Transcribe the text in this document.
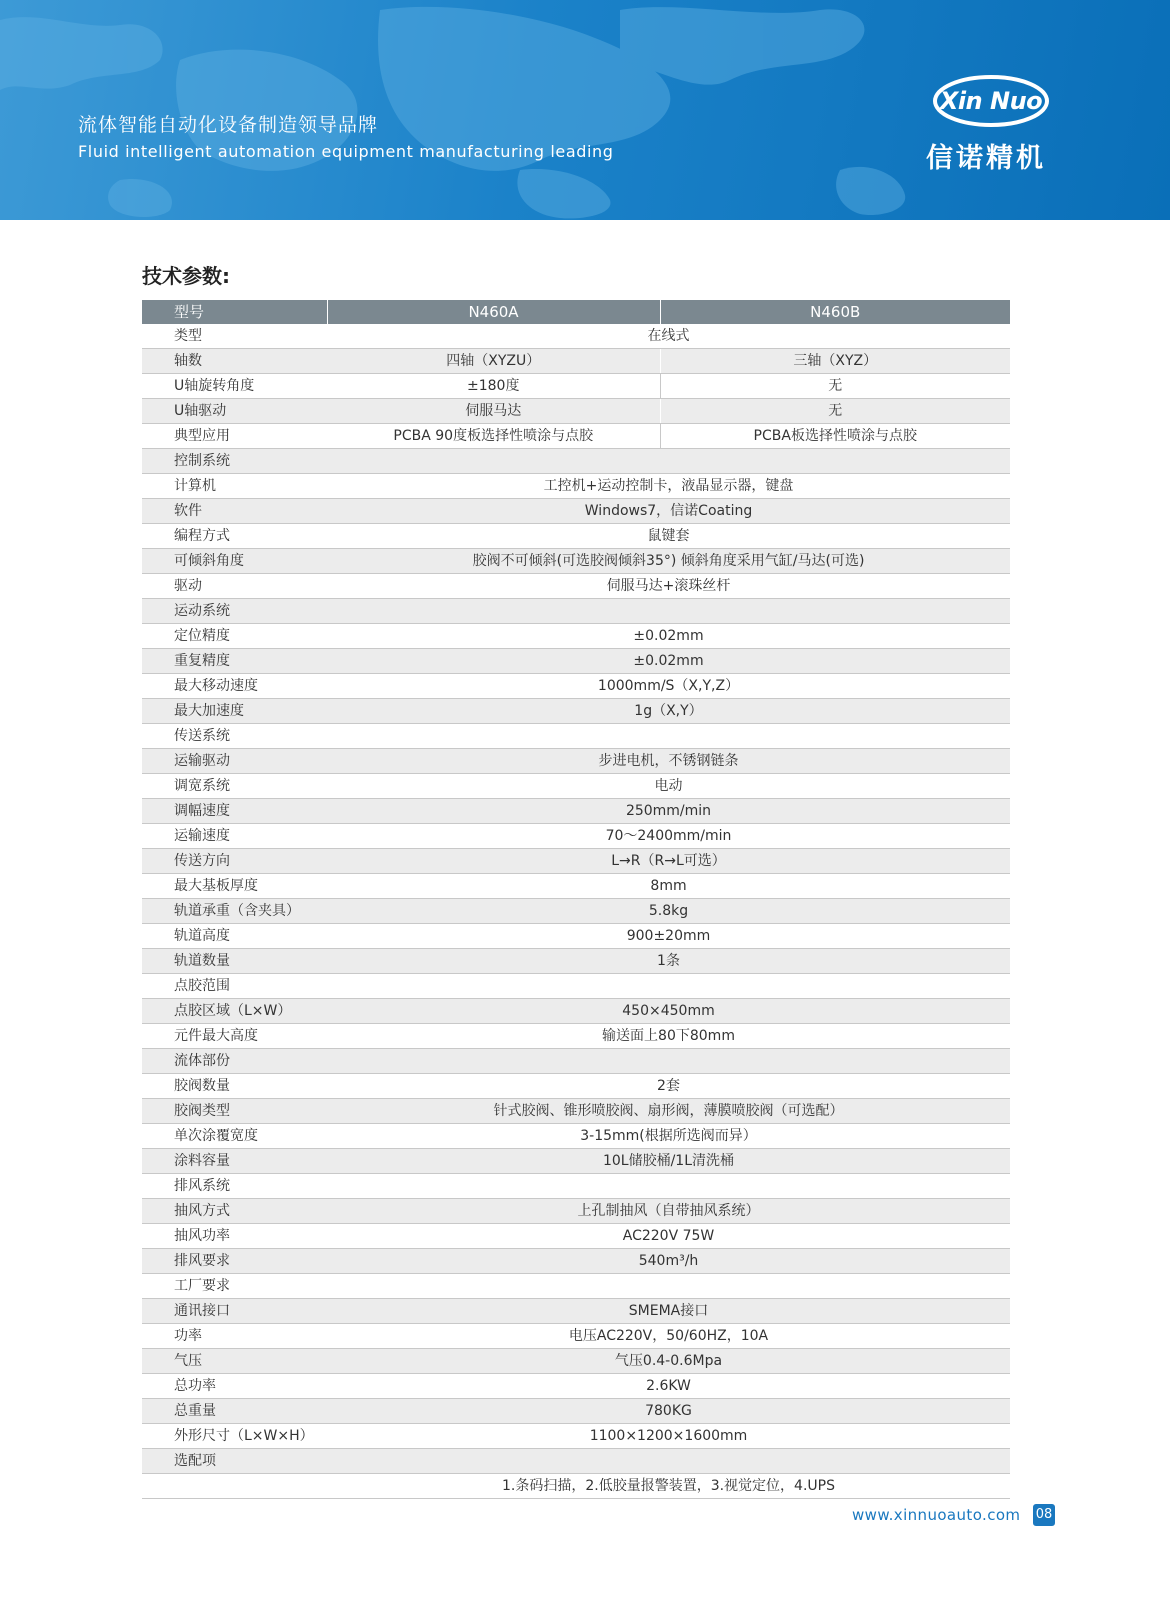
流体智能自动化设备制造领导品牌
Fluid intelligent automation equipment manufacturing leading
Xin Nuo
信诺精机
技术参数:
型号	N460A	N460B
类型	在线式	
轴数	四轴（XYZU）	三轴（XYZ）
U轴旋转角度	±180度	无
U轴驱动	伺服马达	无
典型应用	PCBA 90度板选择性喷涂与点胶	PCBA板选择性喷涂与点胶
控制系统		
计算机	工控机+运动控制卡，液晶显示器，键盘	
软件	Windows7，信诺Coating	
编程方式	鼠键套	
可倾斜角度	胶阀不可倾斜(可选胶阀倾斜35°) 倾斜角度采用气缸/马达(可选)	
驱动	伺服马达+滚珠丝杆	
运动系统		
定位精度	±0.02mm	
重复精度	±0.02mm	
最大移动速度	1000mm/S（X,Y,Z）	
最大加速度	1g（X,Y）	
传送系统		
运输驱动	步进电机，不锈钢链条	
调宽系统	电动	
调幅速度	250mm/min	
运输速度	70～2400mm/min	
传送方向	L→R（R→L可选）	
最大基板厚度	8mm	
轨道承重（含夹具）	5.8kg	
轨道高度	900±20mm	
轨道数量	1条	
点胶范围		
点胶区域（L×W）	450×450mm	
元件最大高度	输送面上80下80mm	
流体部份		
胶阀数量	2套	
胶阀类型	针式胶阀、锥形喷胶阀、扇形阀，薄膜喷胶阀（可选配）	
单次涂覆宽度	3-15mm(根据所选阀而异）	
涂料容量	10L储胶桶/1L清洗桶	
排风系统		
抽风方式	上孔制抽风（自带抽风系统）	
抽风功率	AC220V 75W	
排风要求	540m³/h	
工厂要求		
通讯接口	SMEMA接口	
功率	电压AC220V，50/60HZ，10A	
气压	气压0.4-0.6Mpa	
总功率	2.6KW	
总重量	780KG	
外形尺寸（L×W×H）	1100×1200×1600mm	
选配项		
	1.条码扫描，2.低胶量报警装置，3.视觉定位，4.UPS	
www.xinnuoauto.com 08
